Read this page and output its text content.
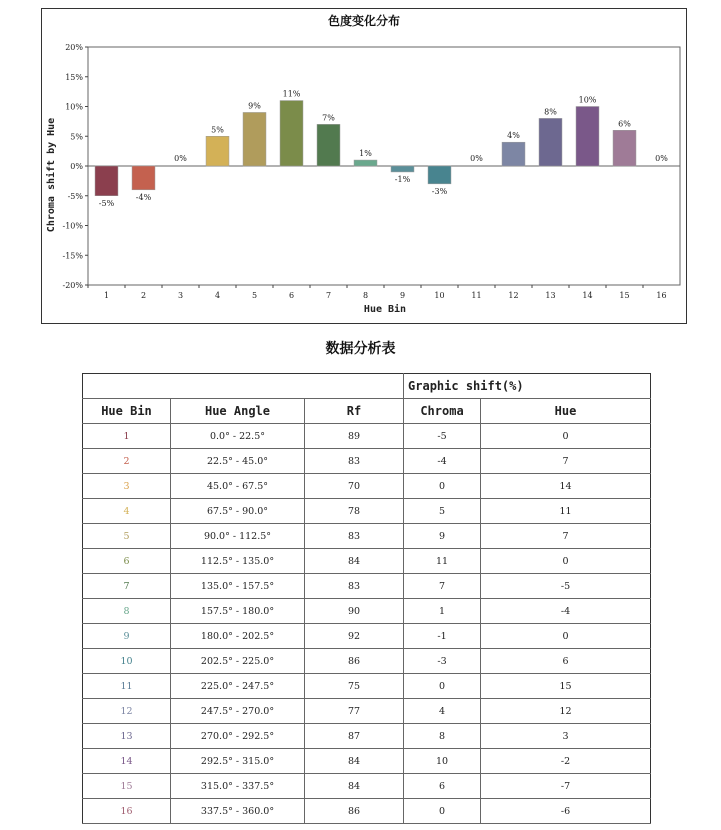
色度变化分布
20%
15%
10%
5%
0%
-5%
-10%
-15%
-20%
1
-5%
2
-4%
3
0%
4
5%
5
9%
6
11%
7
7%
8
1%
9
-1%
10
-3%
11
0%
12
4%
13
8%
14
10%
15
6%
16
0%
Hue Bin
Chroma shift by Hue
数据分析表
			Graphic shift(%)	
Hue Bin	Hue Angle	Rf	Chroma	Hue
1	0.0° - 22.5°	89	-5	0
2	22.5° - 45.0°	83	-4	7
3	45.0° - 67.5°	70	0	14
4	67.5° - 90.0°	78	5	11
5	90.0° - 112.5°	83	9	7
6	112.5° - 135.0°	84	11	0
7	135.0° - 157.5°	83	7	-5
8	157.5° - 180.0°	90	1	-4
9	180.0° - 202.5°	92	-1	0
10	202.5° - 225.0°	86	-3	6
11	225.0° - 247.5°	75	0	15
12	247.5° - 270.0°	77	4	12
13	270.0° - 292.5°	87	8	3
14	292.5° - 315.0°	84	10	-2
15	315.0° - 337.5°	84	6	-7
16	337.5° - 360.0°	86	0	-6
